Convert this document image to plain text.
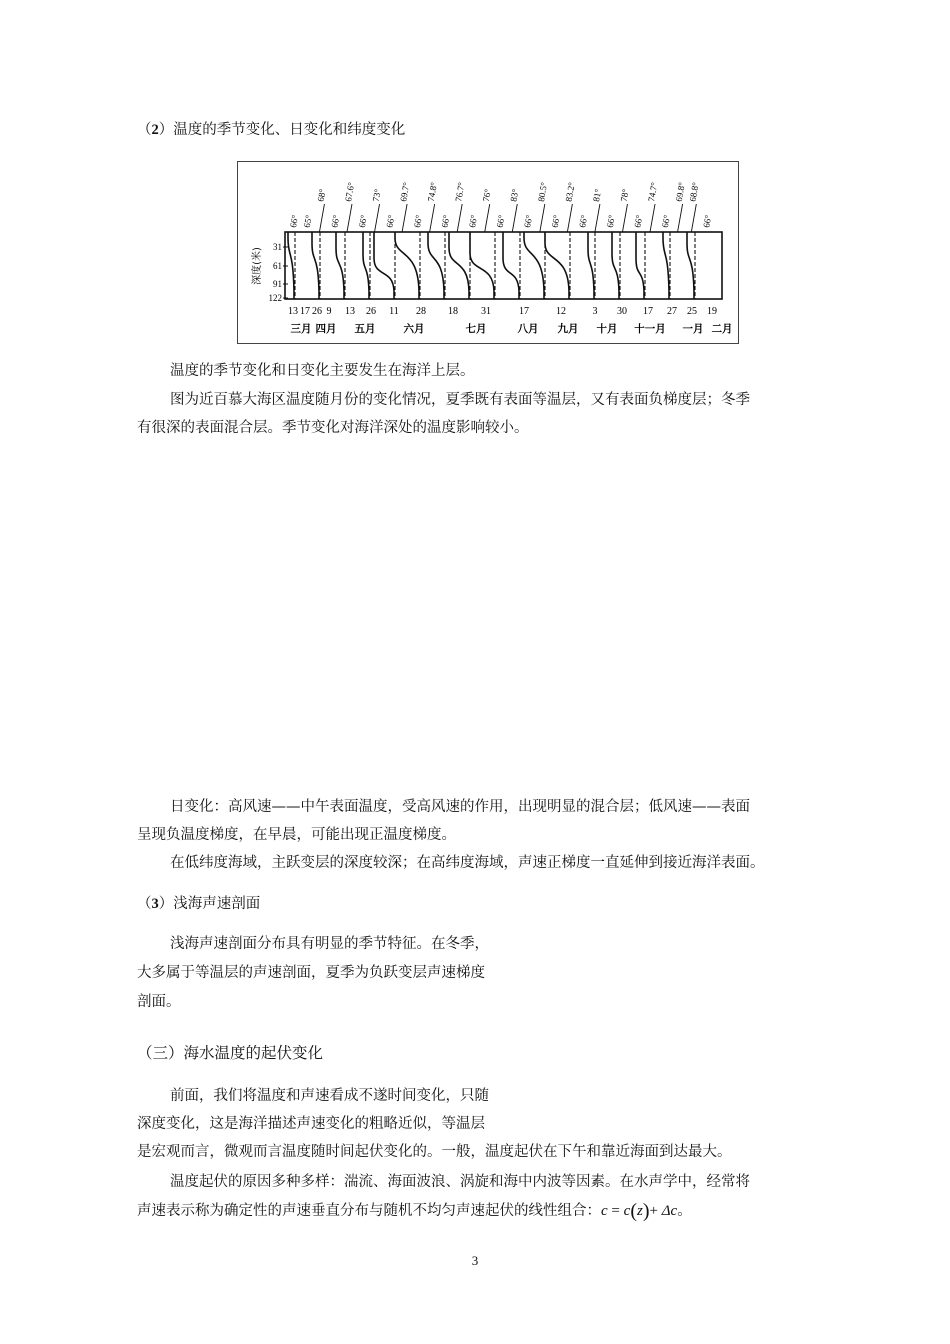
（2）温度的季节变化、日变化和纬度变化
深度(米)
31
61
91
122
66° 65°
68°
66°
67.6°
66°
73°
66°
69.7°
66°
74.8°
66°
76.7°
66°
76°
66°
83°
66°
80.5°
66°
83.2°
66°
81°
66°
78°
66°
74.7°
66°
69.8° 68.8°
66°
13 17 26 9 13 26 11 28 18 31	17	12	3 30 17 27 25 19
三月 四月 五月	六月	七月	八月 九月 十月 十一月 一月 二月
温度的季节变化和日变化主要发生在海洋上层。
图为近百慕大海区温度随月份的变化情况，夏季既有表面等温层，又有表面负梯度层；冬季
有很深的表面混合层。季节变化对海洋深处的温度影响较小。
日变化：高风速——中午表面温度，受高风速的作用，出现明显的混合层；低风速——表面
呈现负温度梯度，在早晨，可能出现正温度梯度。
在低纬度海域，主跃变层的深度较深；在高纬度海域，声速正梯度一直延伸到接近海洋表面。
（3）浅海声速剖面
浅海声速剖面分布具有明显的季节特征。在冬季，
大多属于等温层的声速剖面，夏季为负跃变层声速梯度
剖面。
（三）海水温度的起伏变化
前面，我们将温度和声速看成不遂时间变化，只随
深度变化，这是海洋描述声速变化的粗略近似，等温层
是宏观而言，微观而言温度随时间起伏变化的。一般，温度起伏在下午和靠近海面到达最大。
温度起伏的原因多种多样：湍流、海面波浪、涡旋和海中内波等因素。在水声学中，经常将
声速表示称为确定性的声速垂直分布与随机不均匀声速起伏的线性组合：c = c(z)+ Δc。
3
